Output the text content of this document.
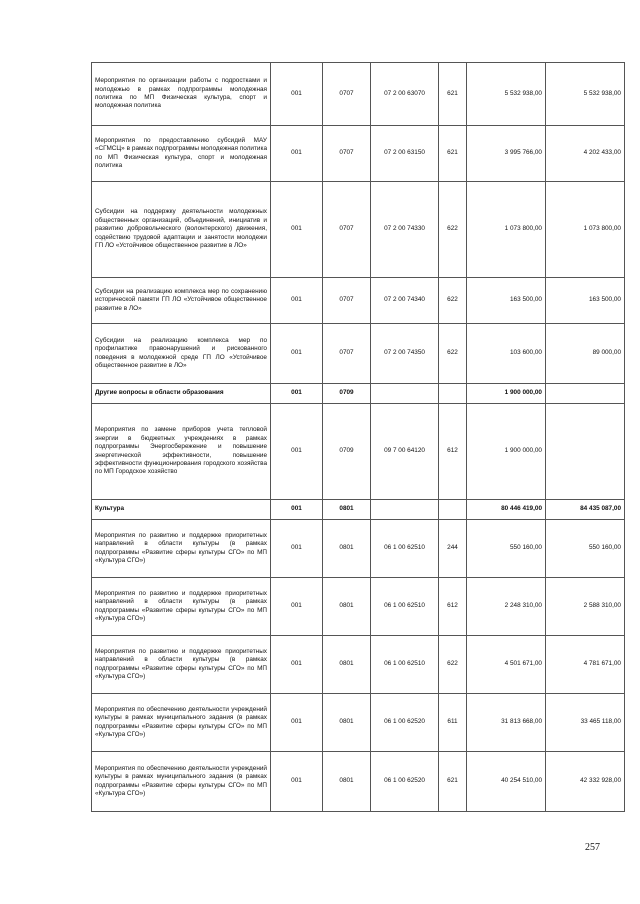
Мероприятия по организации работы с подростками и молодежью в рамках подпрограммы молодежная политика по МП Физическая культура, спорт и молодежная политика	001	0707	07 2 00 63070	621	5 532 938,00	5 532 938,00
Мероприятия по предоставлению субсидий МАУ «СГМСЦ» в рамках подпрограммы молодежная политика по МП Физическая культура, спорт и молодежная политика	001	0707	07 2 00 63150	621	3 995 766,00	4 202 433,00
Субсидии на поддержку деятельности молодежных общественных организаций, объединений, инициатив и развитию добровольческого (волонтерского) движения, содействию трудовой адаптации и занятости молодежи ГП ЛО «Устойчивое общественное развитие в ЛО»	001	0707	07 2 00 74330	622	1 073 800,00	1 073 800,00
Субсидии на реализацию комплекса мер по сохранению исторической памяти ГП ЛО «Устойчивое общественное развитие в ЛО»	001	0707	07 2 00 74340	622	163 500,00	163 500,00
Субсидии на реализацию комплекса мер по профилактике правонарушений и рискованного поведения в молодежной среде ГП ЛО «Устойчивое общественное развитие в ЛО»	001	0707	07 2 00 74350	622	103 600,00	89 000,00
Другие вопросы в области образования	001	0709			1 900 000,00	
Мероприятия по замене приборов учета тепловой энергии в бюджетных учреждениях в рамках подпрограммы Энергосбережение и повышение энергетической эффективности, повышение эффективности функционирования городского хозяйства по МП Городское хозяйство	001	0709	09 7 00 64120	612	1 900 000,00	
Культура	001	0801			80 446 419,00	84 435 087,00
Мероприятия по развитию и поддержке приоритетных направлений в области культуры (в рамках подпрограммы «Развитие сферы культуры СГО» по МП «Культура СГО»)	001	0801	06 1 00 62510	244	550 160,00	550 160,00
Мероприятия по развитию и поддержке приоритетных направлений в области культуры (в рамках подпрограммы «Развитие сферы культуры СГО» по МП «Культура СГО»)	001	0801	06 1 00 62510	612	2 248 310,00	2 588 310,00
Мероприятия по развитию и поддержке приоритетных направлений в области культуры (в рамках подпрограммы «Развитие сферы культуры СГО» по МП «Культура СГО»)	001	0801	06 1 00 62510	622	4 501 671,00	4 781 671,00
Мероприятия по обеспечению деятельности учреждений культуры в рамках муниципального задания (в рамках подпрограммы «Развитие сферы культуры СГО» по МП «Культура СГО»)	001	0801	06 1 00 62520	611	31 813 668,00	33 465 118,00
Мероприятия по обеспечению деятельности учреждений культуры в рамках муниципального задания (в рамках подпрограммы «Развитие сферы культуры СГО» по МП «Культура СГО»)	001	0801	06 1 00 62520	621	40 254 510,00	42 332 928,00
257
